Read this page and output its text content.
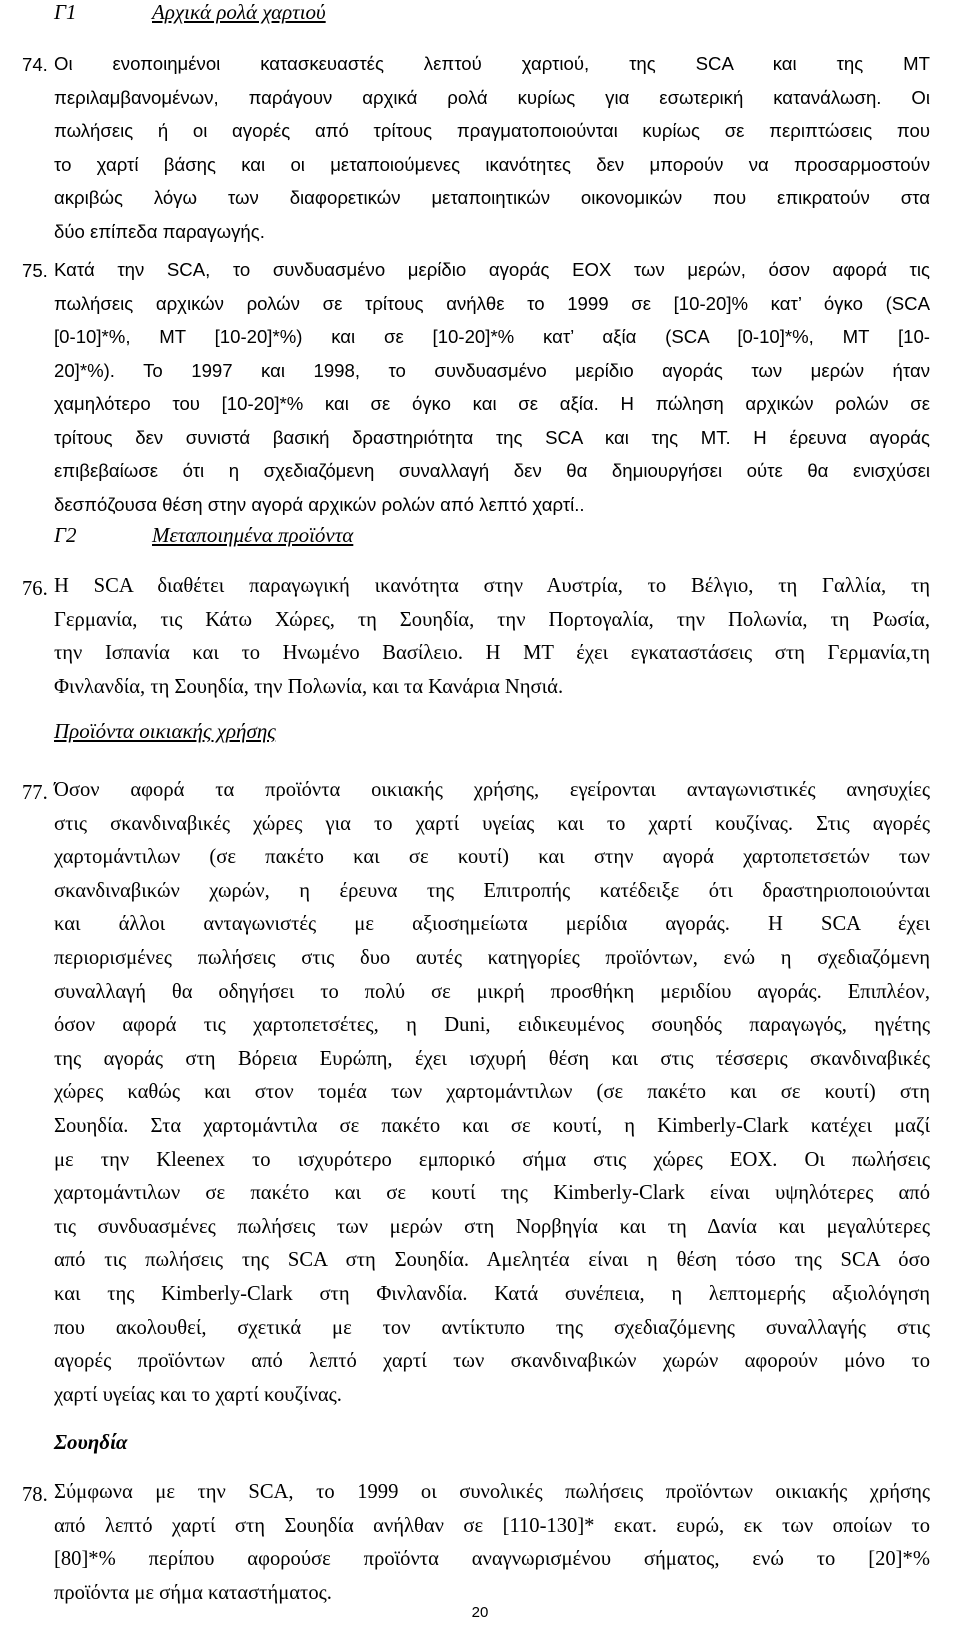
Γ1	Αρχικά ρολά χαρτιού
74. Οι ενοποιημένοι κατασκευαστές λεπτού χαρτιού, της SCA και της MT
περιλαμβανομένων, παράγουν αρχικά ρολά κυρίως για εσωτερική κατανάλωση. Οι
πωλήσεις ή οι αγορές από τρίτους πραγματοποιούνται κυρίως σε περιπτώσεις που
το χαρτί βάσης και οι μεταποιούμενες ικανότητες δεν μπορούν να προσαρμοστούν
ακριβώς λόγω των διαφορετικών μεταποιητικών οικονομικών που επικρατούν στα
δύο επίπεδα παραγωγής.
75. Κατά την SCA, το συνδυασμένο μερίδιο αγοράς ΕΟΧ των μερών, όσον αφορά τις
πωλήσεις αρχικών ρολών σε τρίτους ανήλθε το 1999 σε [10-20]% κατ’ όγκο (SCA
[0-10]*%, MT [10-20]*%) και σε [10-20]*% κατ’ αξία (SCA [0-10]*%, MT [10-
20]*%). Το 1997 και 1998, το συνδυασμένο μερίδιο αγοράς των μερών ήταν
χαμηλότερο του [10-20]*% και σε όγκο και σε αξία. Η πώληση αρχικών ρολών σε
τρίτους δεν συνιστά βασική δραστηριότητα της SCA και της MT. Η έρευνα αγοράς
επιβεβαίωσε ότι η σχεδιαζόμενη συναλλαγή δεν θα δημιουργήσει ούτε θα ενισχύσει
δεσπόζουσα θέση στην αγορά αρχικών ρολών από λεπτό χαρτί..
Γ2	Μεταποιημένα προϊόντα
76. Η SCA διαθέτει παραγωγική ικανότητα στην Αυστρία, το Βέλγιο, τη Γαλλία, τη
Γερμανία, τις Κάτω Χώρες, τη Σουηδία, την Πορτογαλία, την Πολωνία, τη Ρωσία,
την Ισπανία και το Ηνωμένο Βασίλειο. Η MT έχει εγκαταστάσεις στη Γερμανία,τη
Φινλανδία, τη Σουηδία, την Πολωνία, και τα Κανάρια Νησιά.
Προϊόντα οικιακής χρήσης
77. Όσον αφορά τα προϊόντα οικιακής χρήσης, εγείρονται ανταγωνιστικές ανησυχίες
στις σκανδιναβικές χώρες για το χαρτί υγείας και το χαρτί κουζίνας. Στις αγορές
χαρτομάντιλων (σε πακέτο και σε κουτί) και στην αγορά χαρτοπετσετών των
σκανδιναβικών χωρών, η έρευνα της Επιτροπής κατέδειξε ότι δραστηριοποιούνται
και άλλοι ανταγωνιστές με αξιοσημείωτα μερίδια αγοράς. Η SCA έχει
περιορισμένες πωλήσεις στις δυο αυτές κατηγορίες προϊόντων, ενώ η σχεδιαζόμενη
συναλλαγή θα οδηγήσει το πολύ σε μικρή προσθήκη μεριδίου αγοράς. Επιπλέον,
όσον αφορά τις χαρτοπετσέτες, η Duni, ειδικευμένος σουηδός παραγωγός, ηγέτης
της αγοράς στη Βόρεια Ευρώπη, έχει ισχυρή θέση και στις τέσσερις σκανδιναβικές
χώρες καθώς και στον τομέα των χαρτομάντιλων (σε πακέτο και σε κουτί) στη
Σουηδία. Στα χαρτομάντιλα σε πακέτο και σε κουτί, η Kimberly-Clark κατέχει μαζί
με την Kleenex το ισχυρότερο εμπορικό σήμα στις χώρες ΕΟΧ. Οι πωλήσεις
χαρτομάντιλων σε πακέτο και σε κουτί της Kimberly-Clark είναι υψηλότερες από
τις συνδυασμένες πωλήσεις των μερών στη Νορβηγία και τη Δανία και μεγαλύτερες
από τις πωλήσεις της SCA στη Σουηδία. Αμελητέα είναι η θέση τόσο της SCA όσο
και της Kimberly-Clark στη Φινλανδία. Κατά συνέπεια, η λεπτομερής αξιολόγηση
που ακολουθεί, σχετικά με τον αντίκτυπο της σχεδιαζόμενης συναλλαγής στις
αγορές προϊόντων από λεπτό χαρτί των σκανδιναβικών χωρών αφορούν μόνο το
χαρτί υγείας και το χαρτί κουζίνας.
Σουηδία
78. Σύμφωνα με την SCA, το 1999 οι συνολικές πωλήσεις προϊόντων οικιακής χρήσης
από λεπτό χαρτί στη Σουηδία ανήλθαν σε [110-130]* εκατ. ευρώ, εκ των οποίων το
[80]*% περίπου αφορούσε προϊόντα αναγνωρισμένου σήματος, ενώ το [20]*%
προϊόντα με σήμα καταστήματος.
20
